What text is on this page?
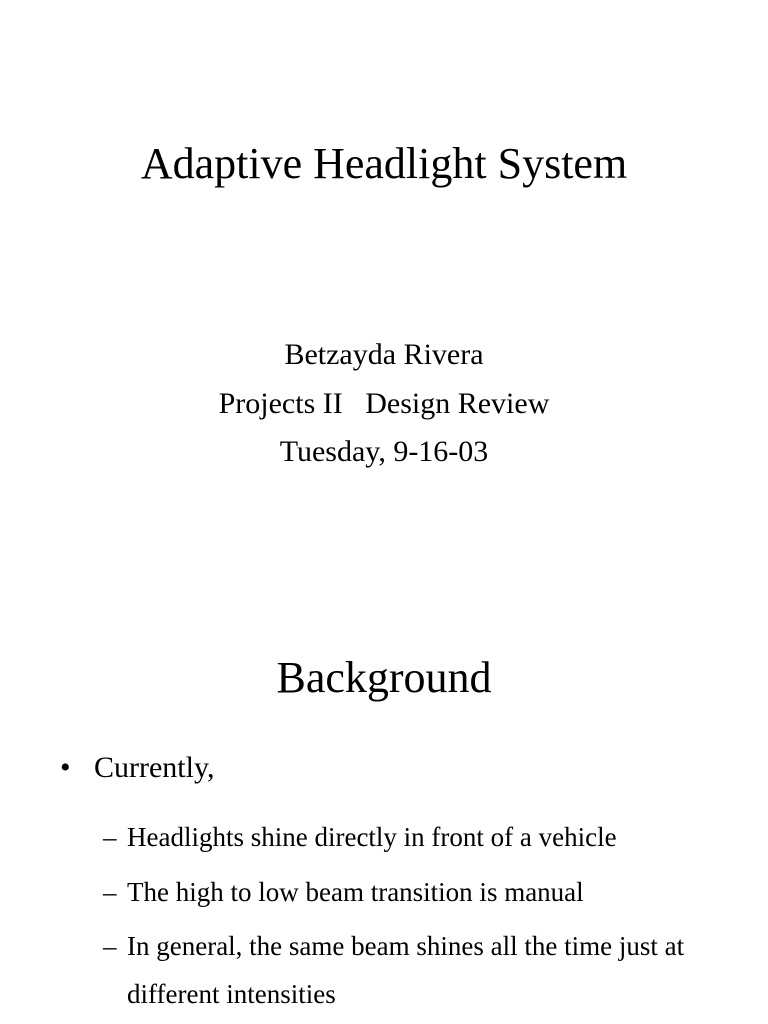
Adaptive Headlight System
Betzayda Rivera
Projects II   Design Review
Tuesday, 9-16-03
Background
• Currently,
– Headlights shine directly in front of a vehicle
– The high to low beam transition is manual
– In general, the same beam shines all the time just at different intensities
